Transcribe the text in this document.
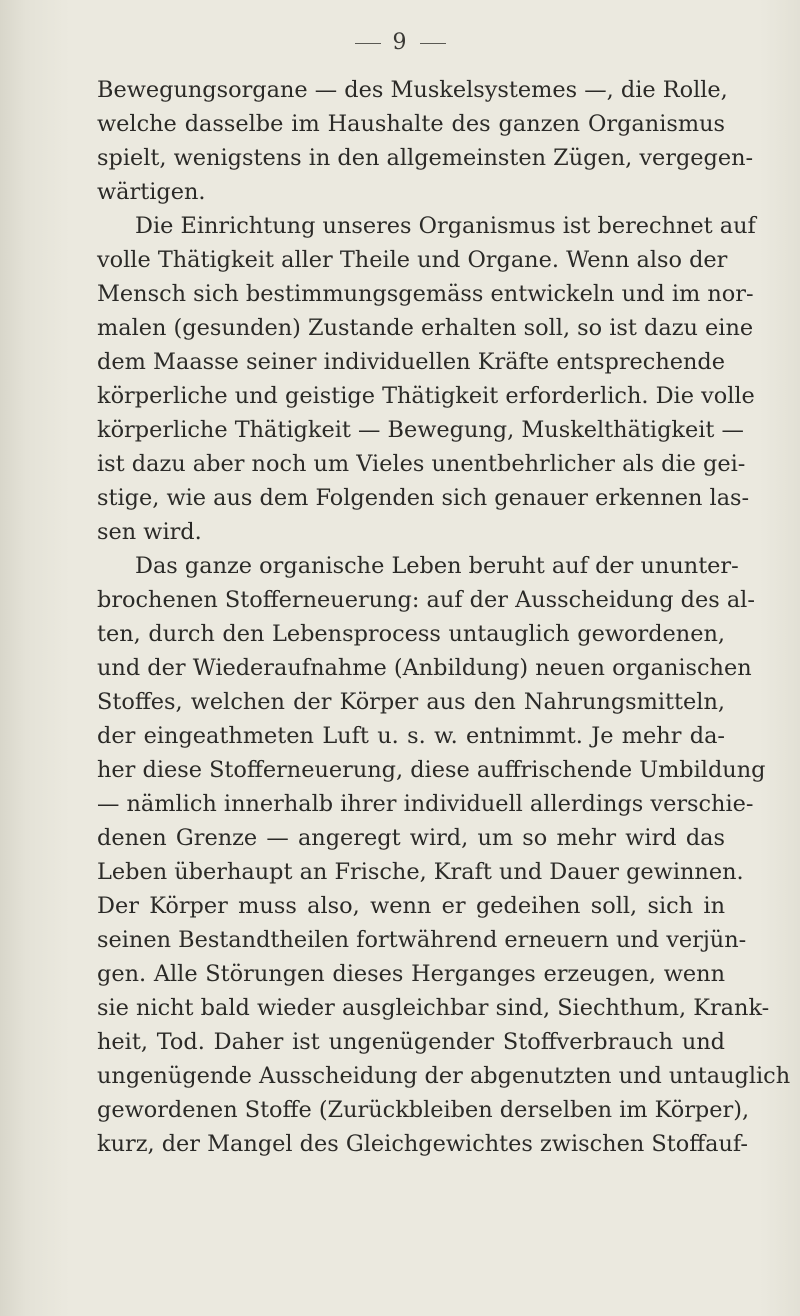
9
Bewegungsorgane — des Muskelsystemes —, die Rolle,
welche dasselbe im Haushalte des ganzen Organismus
spielt, wenigstens in den allgemeinsten Zügen, vergegen-
wärtigen.
Die Einrichtung unseres Organismus ist berechnet auf
volle Thätigkeit aller Theile und Organe. Wenn also der
Mensch sich bestimmungsgemäss entwickeln und im nor-
malen (gesunden) Zustande erhalten soll, so ist dazu eine
dem Maasse seiner individuellen Kräfte entsprechende
körperliche und geistige Thätigkeit erforderlich. Die volle
körperliche Thätigkeit — Bewegung, Muskelthätigkeit —
ist dazu aber noch um Vieles unentbehrlicher als die gei-
stige, wie aus dem Folgenden sich genauer erkennen las-
sen wird.
Das ganze organische Leben beruht auf der ununter-
brochenen Stofferneuerung: auf der Ausscheidung des al-
ten, durch den Lebensprocess untauglich gewordenen,
und der Wiederaufnahme (Anbildung) neuen organischen
Stoffes, welchen der Körper aus den Nahrungsmitteln,
der eingeathmeten Luft u. s. w. entnimmt. Je mehr da-
her diese Stofferneuerung, diese auffrischende Umbildung
— nämlich innerhalb ihrer individuell allerdings verschie-
denen Grenze — angeregt wird, um so mehr wird das
Leben überhaupt an Frische, Kraft und Dauer gewinnen.
Der Körper muss also, wenn er gedeihen soll, sich in
seinen Bestandtheilen fortwährend erneuern und verjün-
gen. Alle Störungen dieses Herganges erzeugen, wenn
sie nicht bald wieder ausgleichbar sind, Siechthum, Krank-
heit, Tod. Daher ist ungenügender Stoffverbrauch und
ungenügende Ausscheidung der abgenutzten und untauglich
gewordenen Stoffe (Zurückbleiben derselben im Körper),
kurz, der Mangel des Gleichgewichtes zwischen Stoffauf-
